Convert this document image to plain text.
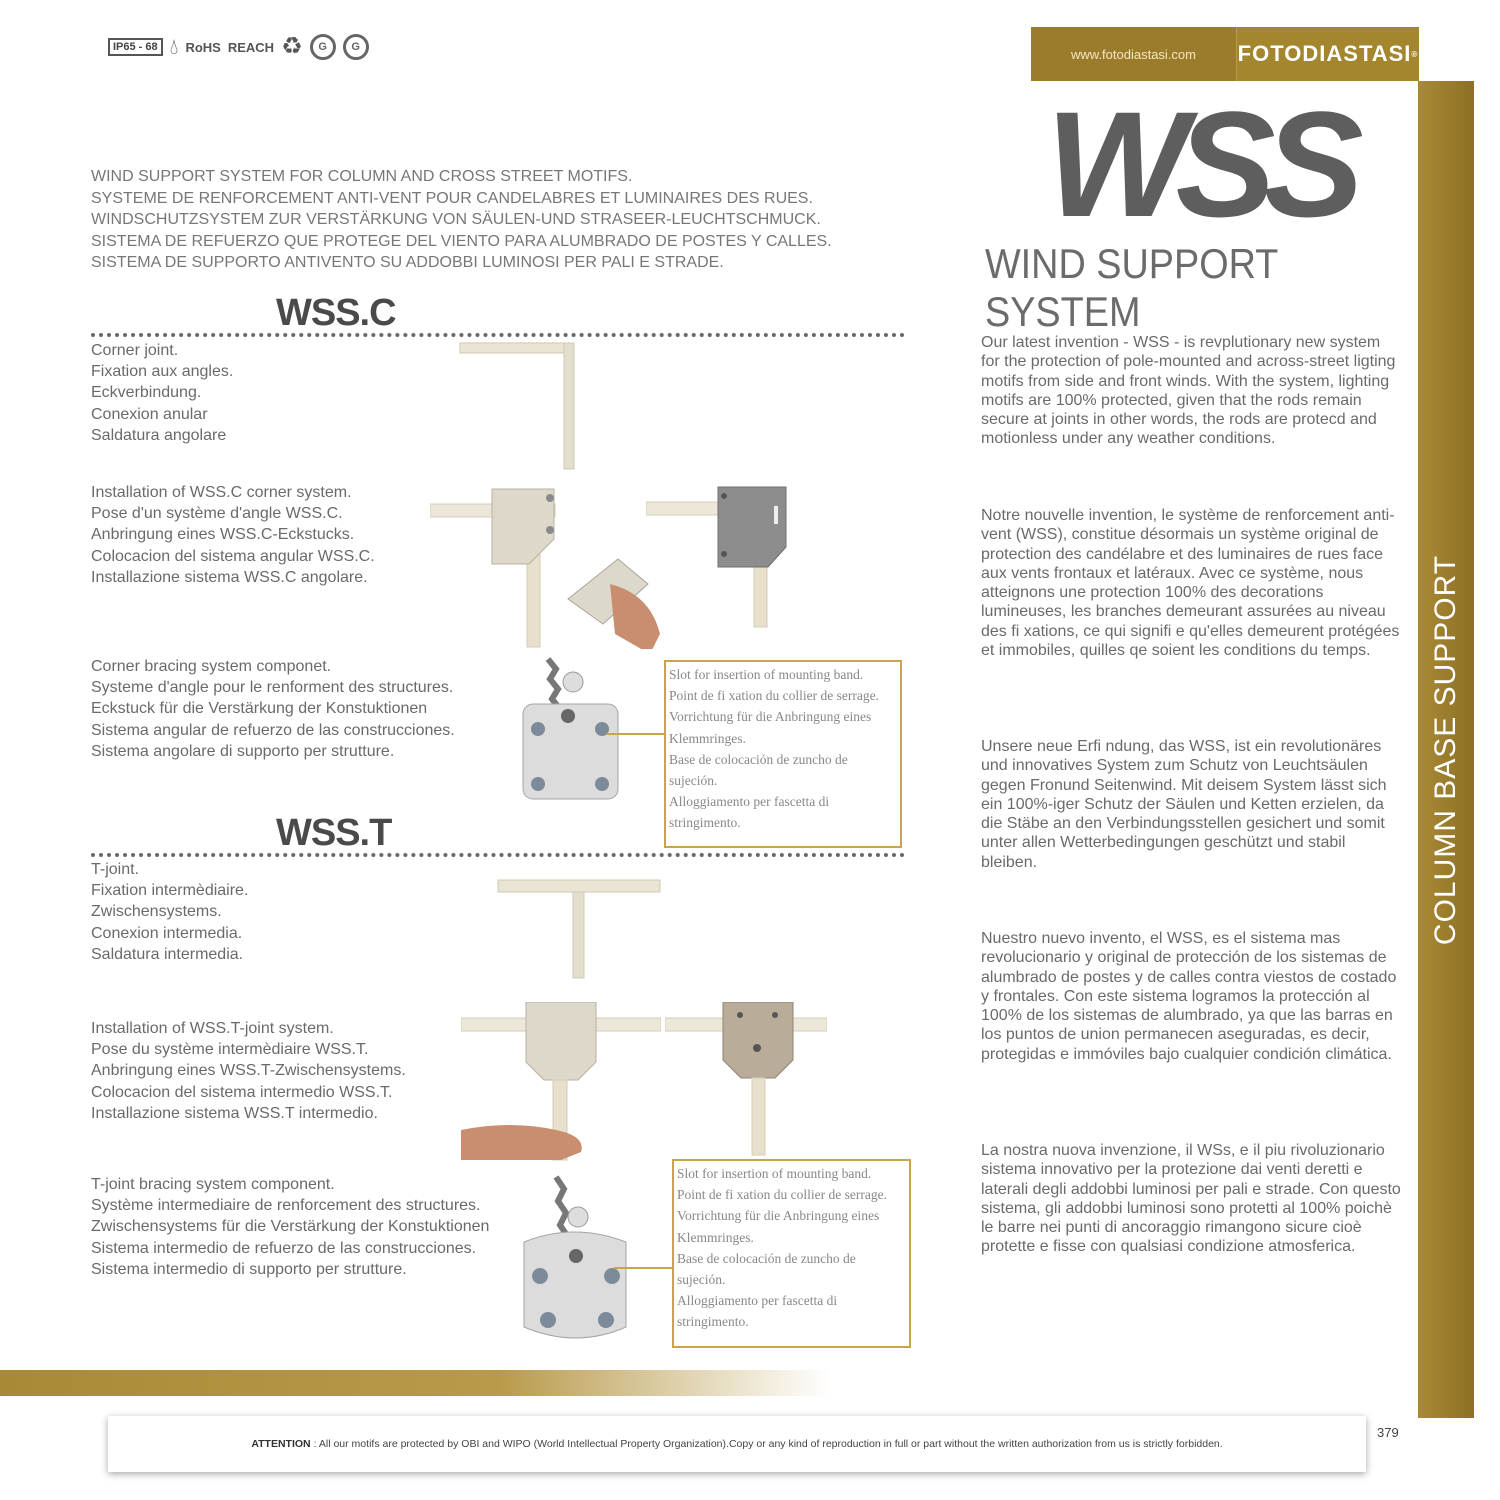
IP65 - 68 💧︎ RoHS REACH ♻	G	G	www.fotodiastasi.com	FOTODIASTASI ®
COLUMN BASE SUPPORT
WSS
WIND SUPPORT SYSTEM
WIND SUPPORT SYSTEM FOR COLUMN AND CROSS STREET MOTIFS.
SYSTEME DE RENFORCEMENT ANTI-VENT POUR CANDELABRES ET LUMINAIRES DES RUES.
WINDSCHUTZSYSTEM ZUR VERSTÄRKUNG VON SÄULEN-UND STRASEER-LEUCHTSCHMUCK.
SISTEMA DE REFUERZO QUE PROTEGE DEL VIENTO PARA ALUMBRADO DE POSTES Y CALLES.
SISTEMA DE SUPPORTO ANTIVENTO SU ADDOBBI LUMINOSI PER PALI E STRADE.
WSS.C
Corner joint.
Fixation aux angles.
Eckverbindung.
Conexion anular
Saldatura angolare
Installation of WSS.C corner system.
Pose d'un système d'angle WSS.C.
Anbringung eines WSS.C-Eckstucks.
Colocacion del sistema angular WSS.C.
Installazione sistema WSS.C angolare.
Corner bracing system componet.
Systeme d'angle pour le renforment des structures.
Eckstuck für die Verstärkung der Konstuktionen
Sistema angular de refuerzo de las construcciones.
Sistema angolare di supporto per strutture.
Slot for insertion of mounting band.
Point de fi xation du collier de serrage.
Vorrichtung für die Anbringung eines Klemmringes.
Base de colocación de zuncho de sujeción.
Alloggiamento per fascetta di stringimento.
WSS.T
T-joint.
Fixation intermèdiaire.
Zwischensystems.
Conexion intermedia.
Saldatura intermedia.
Installation of WSS.T-joint system.
Pose du système intermèdiaire WSS.T.
Anbringung eines WSS.T-Zwischensystems.
Colocacion del sistema intermedio WSS.T.
Installazione sistema WSS.T intermedio.
T-joint bracing system component.
Système intermediaire de renforcement des structures.
Zwischensystems für die Verstärkung der Konstuktionen
Sistema intermedio de refuerzo de las construcciones.
Sistema intermedio di supporto per strutture.
Slot for insertion of mounting band.
Point de fi xation du collier de serrage.
Vorrichtung für die Anbringung eines Klemmringes.
Base de colocación de zuncho de sujeción.
Alloggiamento per fascetta di stringimento.
Our latest invention - WSS - is revplutionary new system for the protection of pole-mounted and across-street ligting motifs from side and front winds. With the system, lighting motifs are 100% protected, given that the rods remain secure at joints in other words, the rods are protecd and motionless under any weather conditions.
Notre nouvelle invention, le système de renforcement anti-vent (WSS), constitue désormais un système original de protection des candélabre et des luminaires de rues face aux vents frontaux et latéraux. Avec ce système, nous atteignons une protection 100% des decorations lumineuses, les branches demeurant assurées au niveau des fi xations, ce qui signifi e qu'elles demeurent protégées et immobiles, quilles qe soient les conditions du temps.
Unsere neue Erfi ndung, das WSS, ist ein revolutionäres und innovatives System zum Schutz von Leuchtsäulen gegen Fronund Seitenwind. Mit deisem System lässt sich ein 100%-iger Schutz der Säulen und Ketten erzielen, da die Stäbe an den Verbindungsstellen gesichert und somit unter allen Wetterbedingungen geschützt und stabil bleiben.
Nuestro nuevo invento, el WSS, es el sistema mas revolucionario y original de protección de los sistemas de alumbrado de postes y de calles contra viestos de costado y frontales. Con este sistema logramos la protección al 100% de los sistemas de alumbrado, ya que las barras en los puntos de union permanecen aseguradas, es decir, protegidas e immóviles bajo cualquier condición climática.
La nostra nuova invenzione, il WSs, e il piu rivoluzionario sistema innovativo per la protezione dai venti deretti e laterali degli addobbi luminosi per pali e strade. Con questo sistema, gli addobbi luminosi sono protetti al 100% poichè le barre nei punti di ancoraggio rimangono sicure cioè protette e fisse con qualsiasi condizione atmosferica.
ATTENTION : All our motifs are protected by OBI and WIPO (World Intellectual Property Organization).Copy or any kind of reproduction in full or part without the written authorization from us is strictly forbidden.
379
